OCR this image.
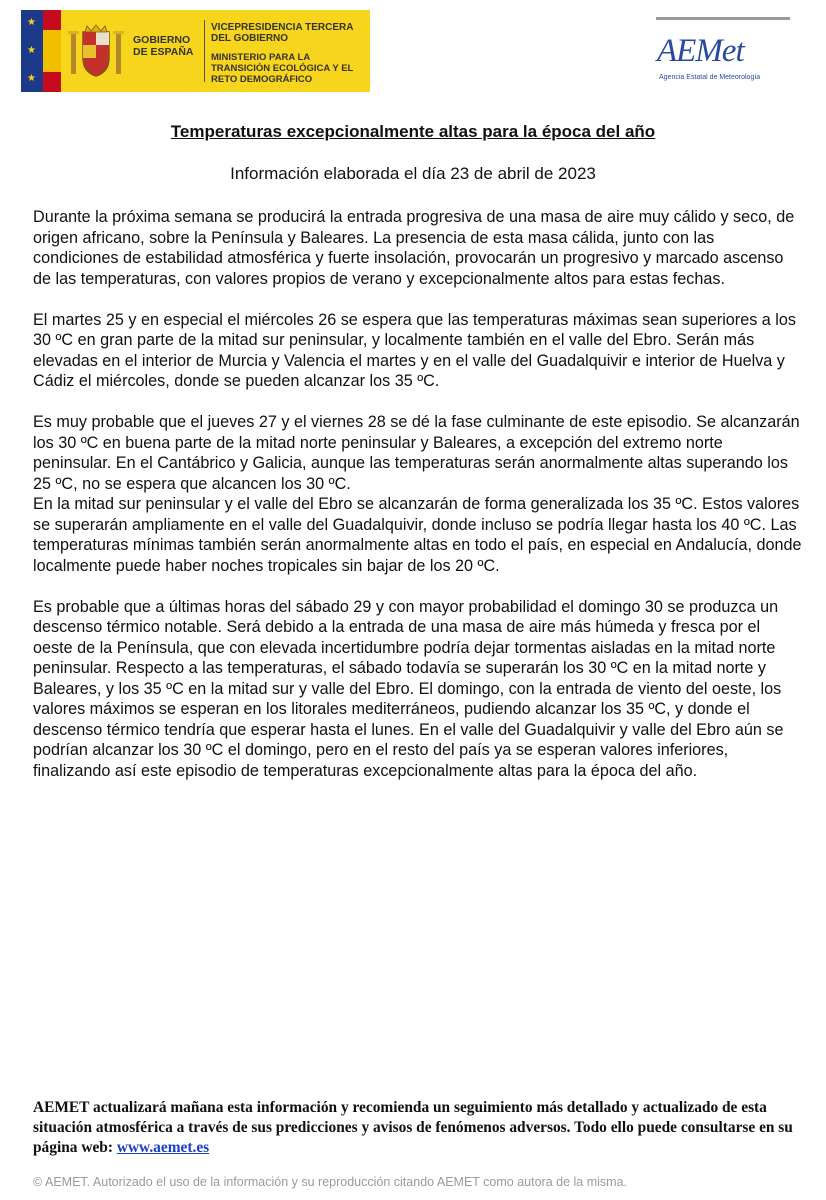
★
★
★
GOBIERNO DE ESPAÑA
VICEPRESIDENCIA TERCERA DEL GOBIERNO
MINISTERIO PARA LA TRANSICIÓN ECOLÓGICA Y EL RETO DEMOGRÁFICO
AEMet
Agencia Estatal de Meteorología
Temperaturas excepcionalmente altas para la época del año
Información elaborada el día 23 de abril de 2023

Durante la próxima semana se producirá la entrada progresiva de una masa de aire muy cálido y seco, de origen africano, sobre la Península y Baleares. La presencia de esta masa cálida, junto con las condiciones de estabilidad atmosférica y fuerte insolación, provocarán un progresivo y marcado ascenso de las temperaturas, con valores propios de verano y excepcionalmente altos para estas fechas.

El martes 25 y en especial el miércoles 26 se espera que las temperaturas máximas sean superiores a los 30 ºC en gran parte de la mitad sur peninsular, y localmente también en el valle del Ebro. Serán más elevadas en el interior de Murcia y Valencia el martes y en el valle del Guadalquivir e interior de Huelva y Cádiz el miércoles, donde se pueden alcanzar los 35 ºC.

Es muy probable que el jueves 27 y el viernes 28 se dé la fase culminante de este episodio. Se alcanzarán los 30 ºC en buena parte de la mitad norte peninsular y Baleares, a excepción del extremo norte peninsular. En el Cantábrico y Galicia, aunque las temperaturas serán anormalmente altas superando los 25 ºC, no se espera que alcancen los 30 ºC.

En la mitad sur peninsular y el valle del Ebro se alcanzarán de forma generalizada los 35 ºC. Estos valores se superarán ampliamente en el valle del Guadalquivir, donde incluso se podría llegar hasta los 40 ºC. Las temperaturas mínimas también serán anormalmente altas en todo el país, en especial en Andalucía, donde localmente puede haber noches tropicales sin bajar de los 20 ºC.

Es probable que a últimas horas del sábado 29 y con mayor probabilidad el domingo 30 se produzca un descenso térmico notable. Será debido a la entrada de una masa de aire más húmeda y fresca por el oeste de la Península, que con elevada incertidumbre podría dejar tormentas aisladas en la mitad norte peninsular. Respecto a las temperaturas, el sábado todavía se superarán los 30 ºC en la mitad norte y Baleares, y los 35 ºC en la mitad sur y valle del Ebro. El domingo, con la entrada de viento del oeste, los valores máximos se esperan en los litorales mediterráneos, pudiendo alcanzar los 35 ºC, y donde el descenso térmico tendría que esperar hasta el lunes. En el valle del Guadalquivir y valle del Ebro aún se podrían alcanzar los 30 ºC el domingo, pero en el resto del país ya se esperan valores inferiores, finalizando así este episodio de temperaturas excepcionalmente altas para la época del año.

AEMET actualizará mañana esta información y recomienda un seguimiento más detallado y actualizado de esta situación atmosférica a través de sus predicciones y avisos de fenómenos adversos. Todo ello puede consultarse en su página web: www.aemet.es
© AEMET. Autorizado el uso de la información y su reproducción citando AEMET como autora de la misma.
